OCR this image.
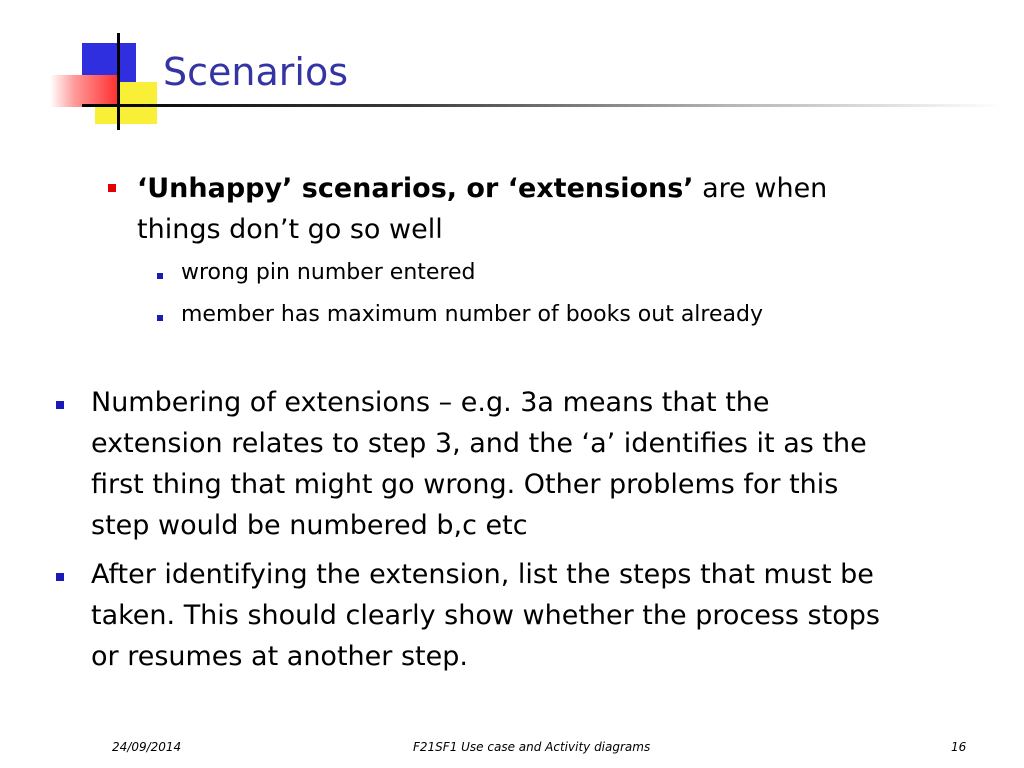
Scenarios
‘Unhappy’ scenarios, or ‘extensions’ are when
things don’t go so well
wrong pin number entered
member has maximum number of books out already
Numbering of extensions – e.g. 3a means that the
extension relates to step 3, and the ‘a’ identifies it as the
first thing that might go wrong. Other problems for this
step would be numbered b,c etc
After identifying the extension, list the steps that must be
taken. This should clearly show whether the process stops
or resumes at another step.
24/09/2014	F21SF1 Use case and Activity diagrams	16
